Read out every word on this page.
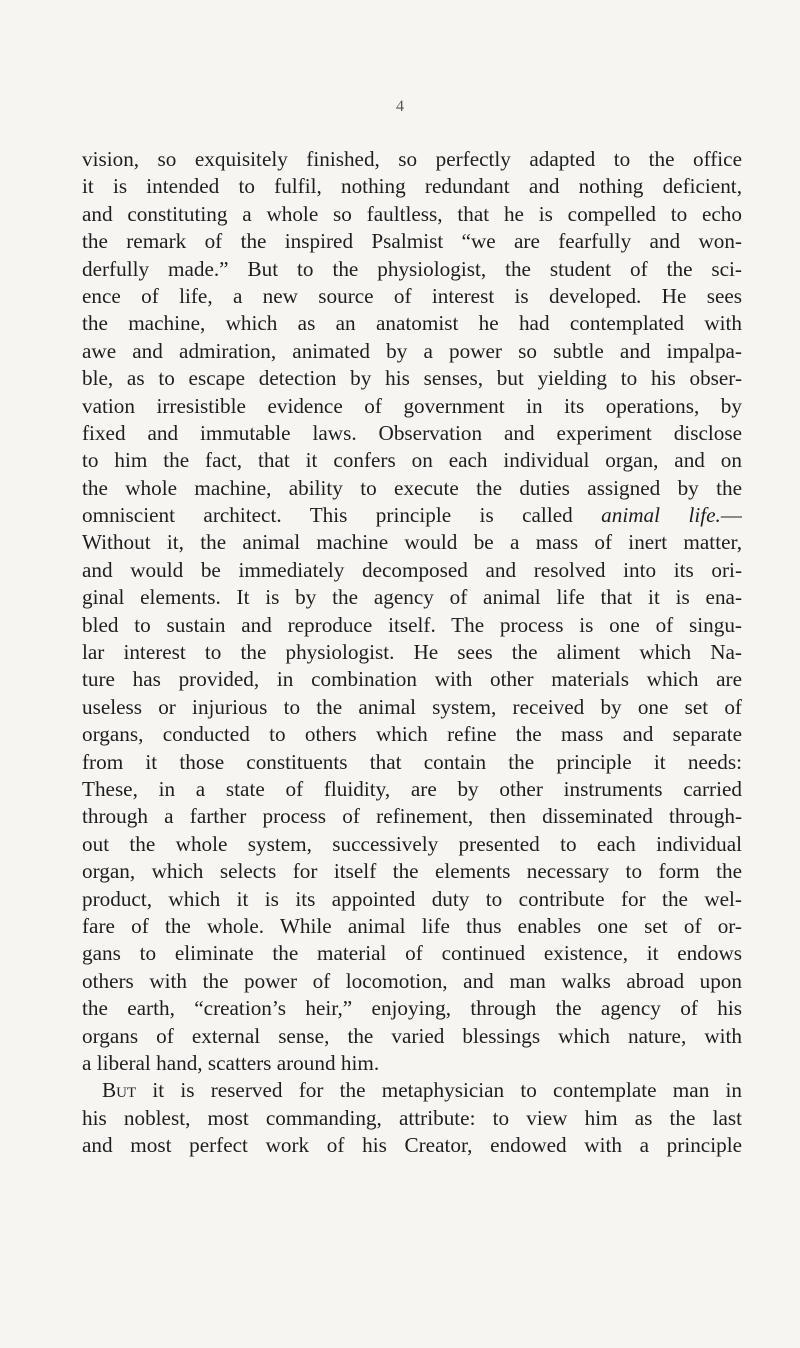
4
vision, so exquisitely finished, so perfectly adapted to the office
it is intended to fulfil, nothing redundant and nothing deficient,
and constituting a whole so faultless, that he is compelled to echo
the remark of the inspired Psalmist “we are fearfully and won-
derfully made.” But to the physiologist, the student of the sci-
ence of life, a new source of interest is developed. He sees
the machine, which as an anatomist he had contemplated with
awe and admiration, animated by a power so subtle and impalpa-
ble, as to escape detection by his senses, but yielding to his obser-
vation irresistible evidence of government in its operations, by
fixed and immutable laws. Observation and experiment disclose
to him the fact, that it confers on each individual organ, and on
the whole machine, ability to execute the duties assigned by the
omniscient architect. This principle is called animal life.—
Without it, the animal machine would be a mass of inert matter,
and would be immediately decomposed and resolved into its ori-
ginal elements. It is by the agency of animal life that it is ena-
bled to sustain and reproduce itself. The process is one of singu-
lar interest to the physiologist. He sees the aliment which Na-
ture has provided, in combination with other materials which are
useless or injurious to the animal system, received by one set of
organs, conducted to others which refine the mass and separate
from it those constituents that contain the principle it needs:
These, in a state of fluidity, are by other instruments carried
through a farther process of refinement, then disseminated through-
out the whole system, successively presented to each individual
organ, which selects for itself the elements necessary to form the
product, which it is its appointed duty to contribute for the wel-
fare of the whole. While animal life thus enables one set of or-
gans to eliminate the material of continued existence, it endows
others with the power of locomotion, and man walks abroad upon
the earth, “creation’s heir,” enjoying, through the agency of his
organs of external sense, the varied blessings which nature, with
a liberal hand, scatters around him.
But it is reserved for the metaphysician to contemplate man in
his noblest, most commanding, attribute: to view him as the last
and most perfect work of his Creator, endowed with a principle
